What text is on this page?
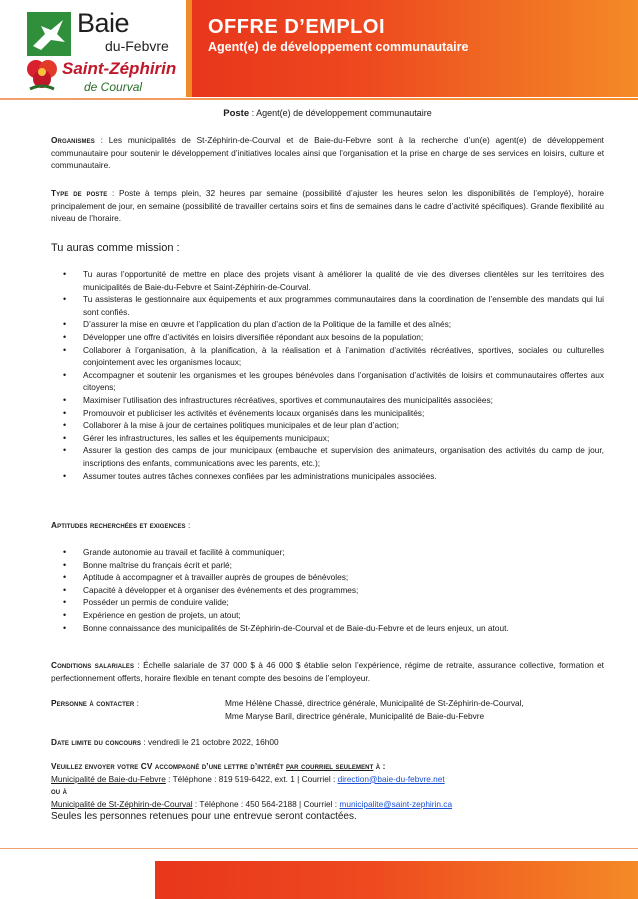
Baie
du-Febvre
Saint-Zéphirin
de Courval
OFFRE D’EMPLOI
Agent(e) de développement communautaire
Poste : Agent(e) de développement communautaire
Organismes : Les municipalités de St-Zéphirin-de-Courval et de Baie-du-Febvre sont à la recherche d’un(e) agent(e) de développement communautaire pour soutenir le développement d’initiatives locales ainsi que l’organisation et la prise en charge de ses services en loisirs, culture et communautaire.
Type de poste : Poste à temps plein, 32 heures par semaine (possibilité d’ajuster les heures selon les disponibilités de l’employé), horaire principalement de jour, en semaine (possibilité de travailler certains soirs et fins de semaines dans le cadre d’activité spécifiques). Grande flexibilité au niveau de l’horaire.
Tu auras comme mission :
• Tu auras l’opportunité de mettre en place des projets visant à améliorer la qualité de vie des diverses clientèles sur les territoires des municipalités de Baie-du-Febvre et Saint-Zéphirin-de-Courval.
• Tu assisteras le gestionnaire aux équipements et aux programmes communautaires dans la coordination de l’ensemble des mandats qui lui sont confiés.
• D’assurer la mise en œuvre et l’application du plan d’action de la Politique de la famille et des aînés;
• Développer une offre d’activités en loisirs diversifiée répondant aux besoins de la population;
• Collaborer à l’organisation, à la planification, à la réalisation et à l’animation d’activités récréatives, sportives, sociales ou culturelles conjointement avec les organismes locaux;
• Accompagner et soutenir les organismes et les groupes bénévoles dans l’organisation d’activités de loisirs et communautaires offertes aux citoyens;
• Maximiser l’utilisation des infrastructures récréatives, sportives et communautaires des municipalités associées;
• Promouvoir et publiciser les activités et événements locaux organisés dans les municipalités;
• Collaborer à la mise à jour de certaines politiques municipales et de leur plan d’action;
• Gérer les infrastructures, les salles et les équipements municipaux;
• Assurer la gestion des camps de jour municipaux (embauche et supervision des animateurs, organisation des activités du camp de jour, inscriptions des enfants, communications avec les parents, etc.);
• Assumer toutes autres tâches connexes confiées par les administrations municipales associées.
Aptitudes recherchées et exigences :
• Grande autonomie au travail et facilité à communiquer;
• Bonne maîtrise du français écrit et parlé;
• Aptitude à accompagner et à travailler auprès de groupes de bénévoles;
• Capacité à développer et à organiser des événements et des programmes;
• Posséder un permis de conduire valide;
• Expérience en gestion de projets, un atout;
• Bonne connaissance des municipalités de St-Zéphirin-de-Courval et de Baie-du-Febvre et de leurs enjeux, un atout.
Conditions salariales : Échelle salariale de 37 000 $ à 46 000 $ établie selon l’expérience, régime de retraite, assurance collective, formation et perfectionnement offerts, horaire flexible en tenant compte des besoins de l’employeur.
Personne à contacter :	Mme Hélène Chassé, directrice générale, Municipalité de St-Zéphirin-de-Courval,
Mme Maryse Baril, directrice générale, Municipalité de Baie-du-Febvre
Date limite du concours : vendredi le 21 octobre 2022, 16h00
Veuillez envoyer votre CV accompagné d’une lettre d’intérêt par courriel seulement à :
Municipalité de Baie-du-Febvre : Téléphone : 819 519-6422, ext. 1 | Courriel : direction@baie-du-febvre.net
ou à
Municipalité de St-Zéphirin-de-Courval : Téléphone : 450 564-2188 | Courriel : municipalite@saint-zephirin.ca
Seules les personnes retenues pour une entrevue seront contactées.
